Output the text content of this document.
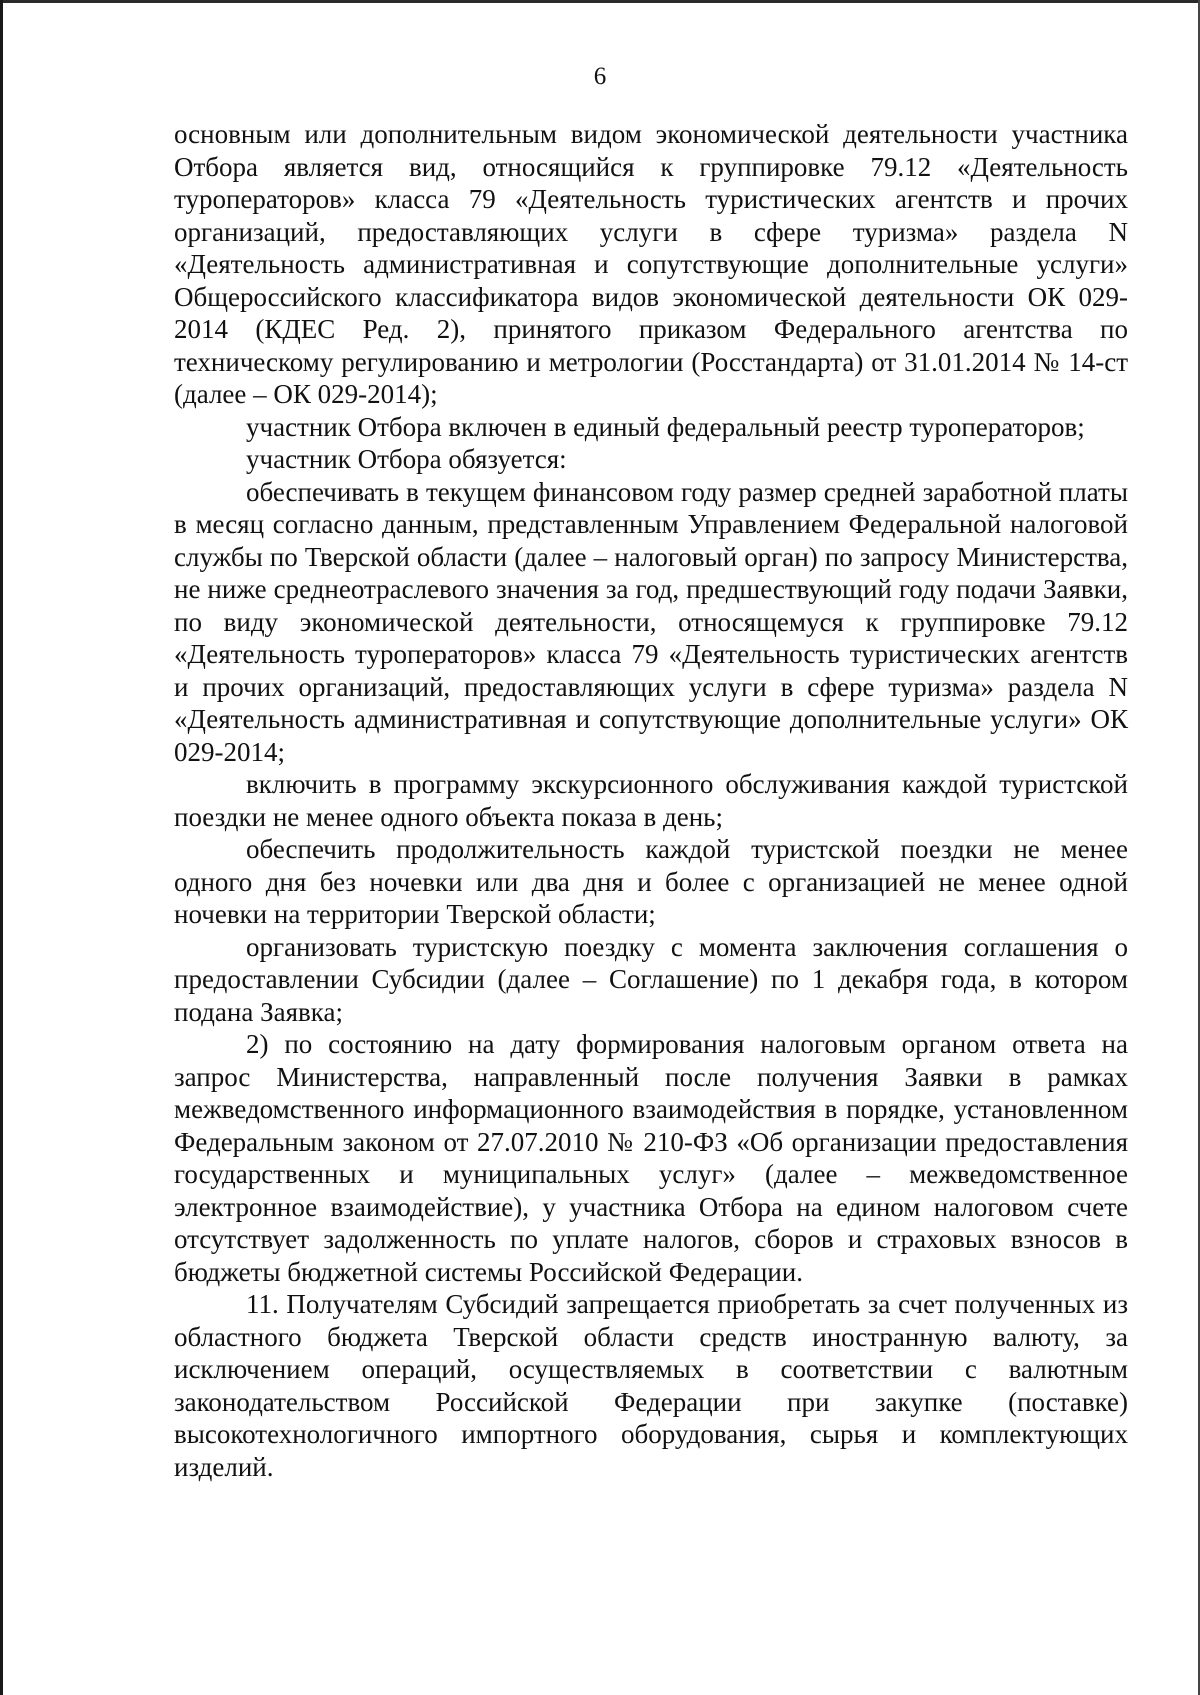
6

основным или дополнительным видом экономической деятельности участника Отбора является вид, относящийся к группировке 79.12 «Деятельность туроператоров» класса 79 «Деятельность туристических агентств и прочих организаций, предоставляющих услуги в сфере туризма» раздела N «Деятельность административная и сопутствующие дополнительные услуги» Общероссийского классификатора видов экономической деятельности ОК 029-2014 (КДЕС Ред. 2), принятого приказом Федерального агентства по техническому регулированию и метрологии (Росстандарта) от 31.01.2014 № 14-ст (далее – ОК 029-2014);

участник Отбора включен в единый федеральный реестр туроператоров;

участник Отбора обязуется:

обеспечивать в текущем финансовом году размер средней заработной платы в месяц согласно данным, представленным Управлением Федеральной налоговой службы по Тверской области (далее – налоговый орган) по запросу Министерства, не ниже среднеотраслевого значения за год, предшествующий году подачи Заявки, по виду экономической деятельности, относящемуся к группировке 79.12 «Деятельность туроператоров» класса 79 «Деятельность туристических агентств и прочих организаций, предоставляющих услуги в сфере туризма» раздела N «Деятельность административная и сопутствующие дополнительные услуги» ОК 029-2014;

включить в программу экскурсионного обслуживания каждой туристской поездки не менее одного объекта показа в день;

обеспечить продолжительность каждой туристской поездки не менее одного дня без ночевки или два дня и более с организацией не менее одной ночевки на территории Тверской области;

организовать туристскую поездку с момента заключения соглашения о предоставлении Субсидии (далее – Соглашение) по 1 декабря года, в котором подана Заявка;

2) по состоянию на дату формирования налоговым органом ответа на запрос Министерства, направленный после получения Заявки в рамках межведомственного информационного взаимодействия в порядке, установленном Федеральным законом от 27.07.2010 № 210-ФЗ «Об организации предоставления государственных и муниципальных услуг» (далее – межведомственное электронное взаимодействие), у участника Отбора на едином налоговом счете отсутствует задолженность по уплате налогов, сборов и страховых взносов в бюджеты бюджетной системы Российской Федерации.

11. Получателям Субсидий запрещается приобретать за счет полученных из областного бюджета Тверской области средств иностранную валюту, за исключением операций, осуществляемых в соответствии с валютным законодательством Российской Федерации при закупке (поставке) высокотехнологичного импортного оборудования, сырья и комплектующих изделий.
